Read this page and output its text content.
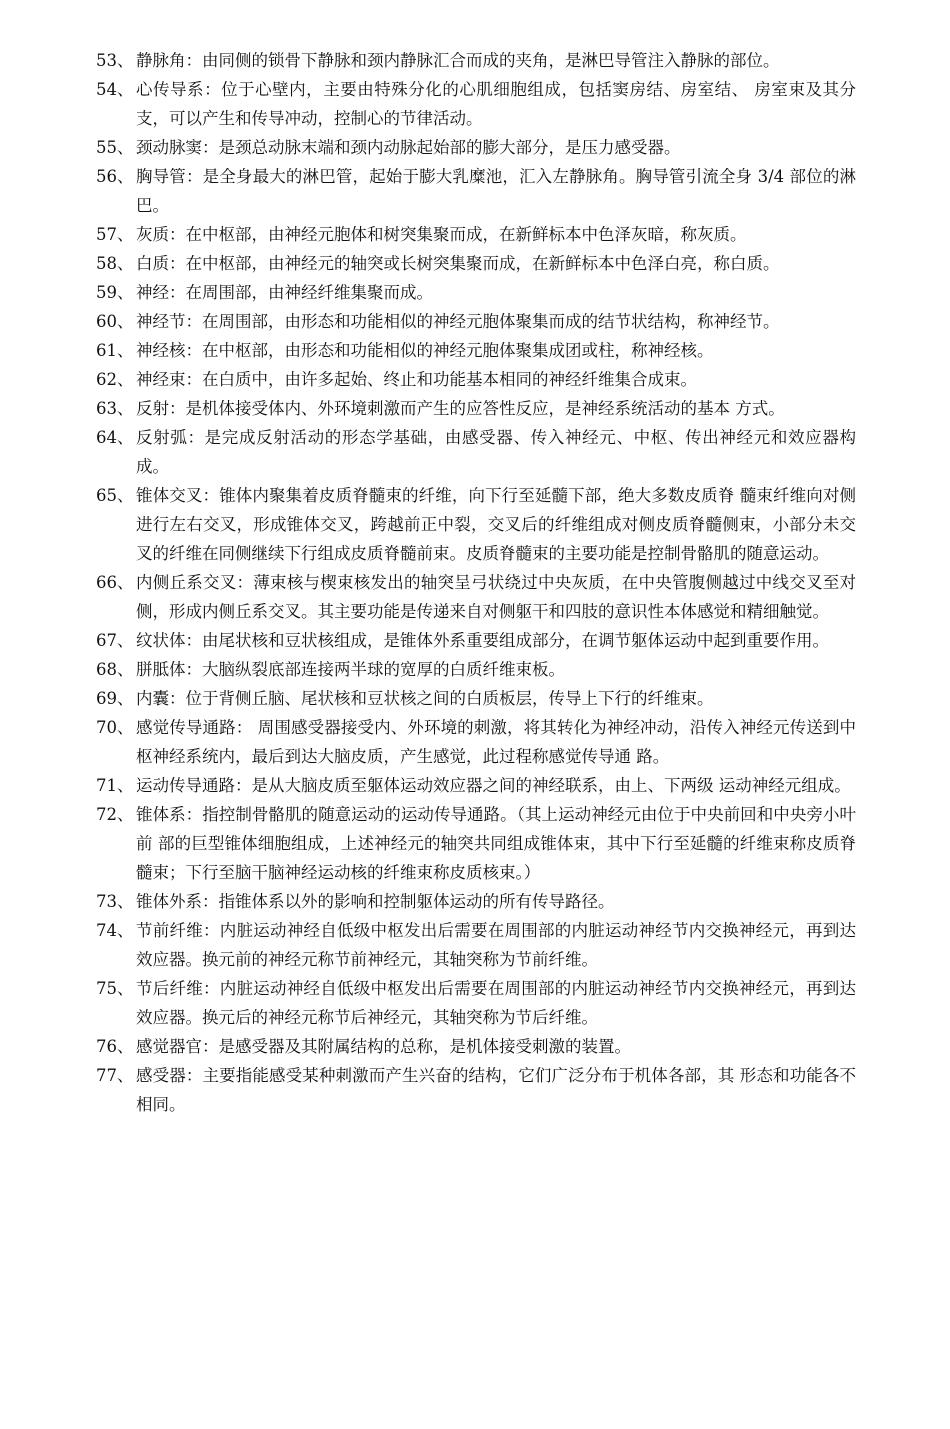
53、 静脉角：由同侧的锁骨下静脉和颈内静脉汇合而成的夹角，是淋巴导管注入静脉的部位。

54、 心传导系：位于心壁内，主要由特殊分化的心肌细胞组成，包括窦房结、房室结、 房室束及其分支，可以产生和传导冲动，控制心的节律活动。

55、 颈动脉窦：是颈总动脉末端和颈内动脉起始部的膨大部分，是压力感受器。

56、 胸导管：是全身最大的淋巴管，起始于膨大乳糜池，汇入左静脉角。胸导管引流全身 3/4 部位的淋巴。

57、 灰质：在中枢部，由神经元胞体和树突集聚而成，在新鲜标本中色泽灰暗，称灰质。

58、 白质：在中枢部，由神经元的轴突或长树突集聚而成，在新鲜标本中色泽白亮，称白质。

59、 神经：在周围部，由神经纤维集聚而成。

60、 神经节：在周围部，由形态和功能相似的神经元胞体聚集而成的结节状结构，称神经节。

61、 神经核：在中枢部，由形态和功能相似的神经元胞体聚集成团或柱，称神经核。

62、 神经束：在白质中，由许多起始、终止和功能基本相同的神经纤维集合成束。

63、 反射：是机体接受体内、外环境刺激而产生的应答性反应，是神经系统活动的基本 方式。

64、 反射弧：是完成反射活动的形态学基础，由感受器、传入神经元、中枢、传出神经元和效应器构成。

65、 锥体交叉：锥体内聚集着皮质脊髓束的纤维，向下行至延髓下部，绝大多数皮质脊 髓束纤维向对侧进行左右交叉，形成锥体交叉，跨越前正中裂，交叉后的纤维组成对侧皮质脊髓侧束，小部分未交叉的纤维在同侧继续下行组成皮质脊髓前束。皮质脊髓束的主要功能是控制骨骼肌的随意运动。

66、 内侧丘系交叉：薄束核与楔束核发出的轴突呈弓状绕过中央灰质，在中央管腹侧越过中线交叉至对侧，形成内侧丘系交叉。其主要功能是传递来自对侧躯干和四肢的意识性本体感觉和精细触觉。

67、 纹状体：由尾状核和豆状核组成，是锥体外系重要组成部分，在调节躯体运动中起到重要作用。

68、 胼胝体：大脑纵裂底部连接两半球的宽厚的白质纤维束板。

69、 内囊：位于背侧丘脑、尾状核和豆状核之间的白质板层，传导上下行的纤维束。

70、 感觉传导通路： 周围感受器接受内、外环境的刺激，将其转化为神经冲动，沿传入神经元传送到中枢神经系统内，最后到达大脑皮质，产生感觉，此过程称感觉传导通 路。

71、 运动传导通路：是从大脑皮质至躯体运动效应器之间的神经联系，由上、下两级 运动神经元组成。

72、 锥体系：指控制骨骼肌的随意运动的运动传导通路。（其上运动神经元由位于中央前回和中央旁小叶前 部的巨型锥体细胞组成，上述神经元的轴突共同组成锥体束，其中下行至延髓的纤维束称皮质脊髓束；下行至脑干脑神经运动核的纤维束称皮质核束。）

73、 锥体外系：指锥体系以外的影响和控制躯体运动的所有传导路径。

74、 节前纤维：内脏运动神经自低级中枢发出后需要在周围部的内脏运动神经节内交换神经元，再到达效应器。换元前的神经元称节前神经元，其轴突称为节前纤维。

75、 节后纤维：内脏运动神经自低级中枢发出后需要在周围部的内脏运动神经节内交换神经元，再到达效应器。换元后的神经元称节后神经元，其轴突称为节后纤维。

76、 感觉器官：是感受器及其附属结构的总称，是机体接受刺激的装置。

77、 感受器：主要指能感受某种刺激而产生兴奋的结构，它们广泛分布于机体各部，其 形态和功能各不相同。
